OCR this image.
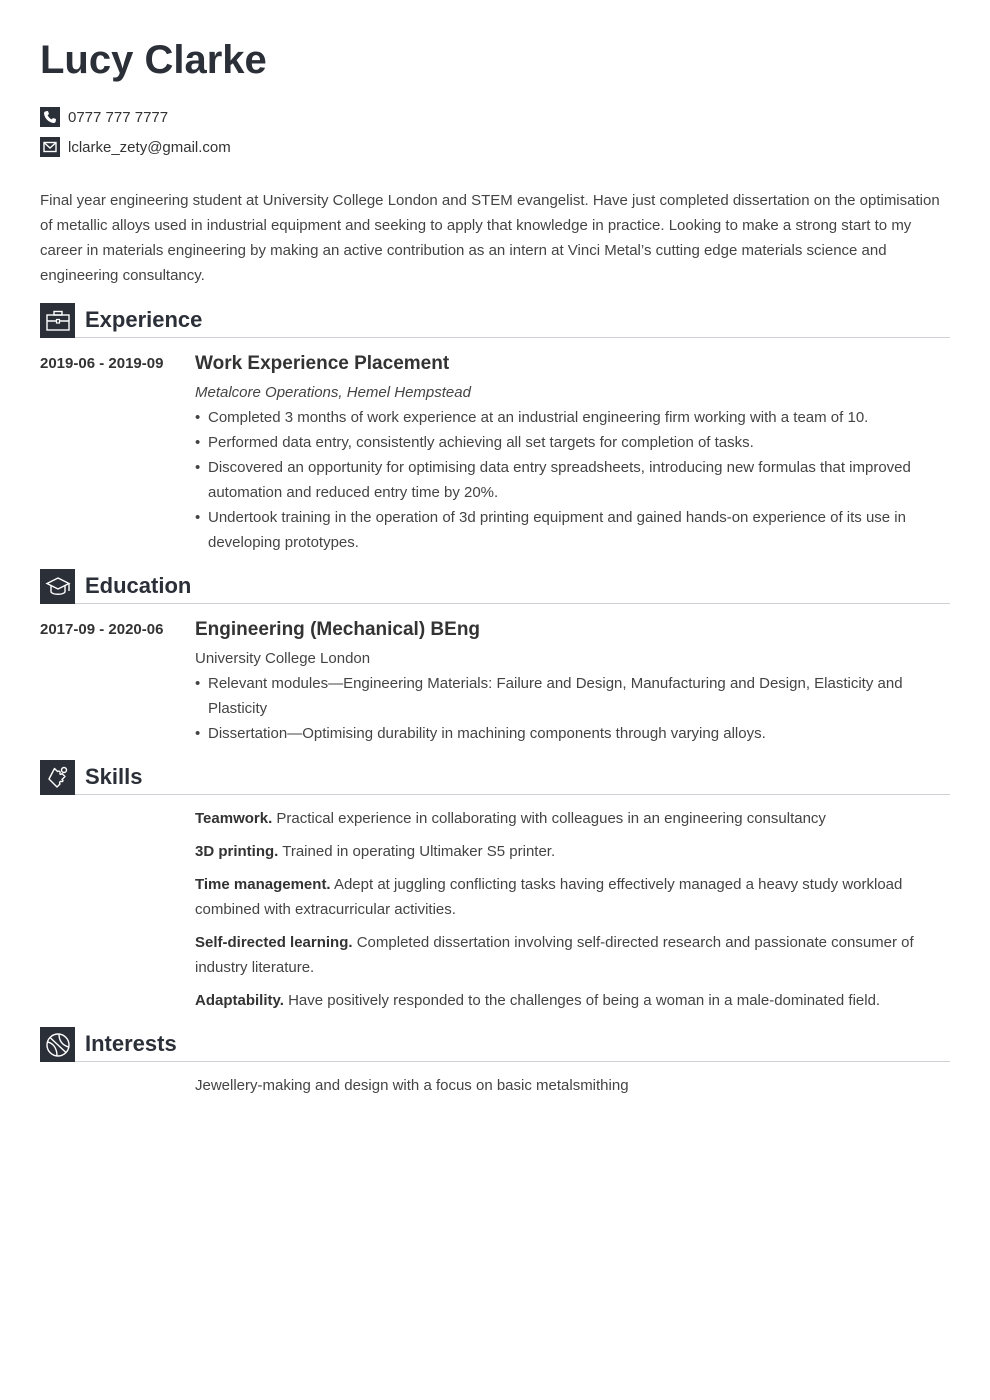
Lucy Clarke
0777 777 7777
lclarke_zety@gmail.com

Final year engineering student at University College London and STEM evangelist. Have just completed dissertation on the optimisation of metallic alloys used in industrial equipment and seeking to apply that knowledge in practice. Looking to make a strong start to my career in materials engineering by making an active contribution as an intern at Vinci Metal’s cutting edge materials science and engineering consultancy.

Experience
2019-06 - 2019-09	Work Experience Placement
Metalcore Operations, Hemel Hempstead
• Completed 3 months of work experience at an industrial engineering firm working with a team of 10.
• Performed data entry, consistently achieving all set targets for completion of tasks.
• Discovered an opportunity for optimising data entry spreadsheets, introducing new formulas that improved automation and reduced entry time by 20%.
• Undertook training in the operation of 3d printing equipment and gained hands-on experience of its use in developing prototypes.
Education
2017-09 - 2020-06	Engineering (Mechanical) BEng
University College London
• Relevant modules—Engineering Materials: Failure and Design, Manufacturing and Design, Elasticity and Plasticity
• Dissertation—Optimising durability in machining components through varying alloys.
Skills
Teamwork. Practical experience in collaborating with colleagues in an engineering consultancy
3D printing. Trained in operating Ultimaker S5 printer.
Time management. Adept at juggling conflicting tasks having effectively managed a heavy study workload combined with extracurricular activities.
Self-directed learning. Completed dissertation involving self-directed research and passionate consumer of industry literature.
Adaptability. Have positively responded to the challenges of being a woman in a male-dominated field.
Interests
Jewellery-making and design with a focus on basic metalsmithing
